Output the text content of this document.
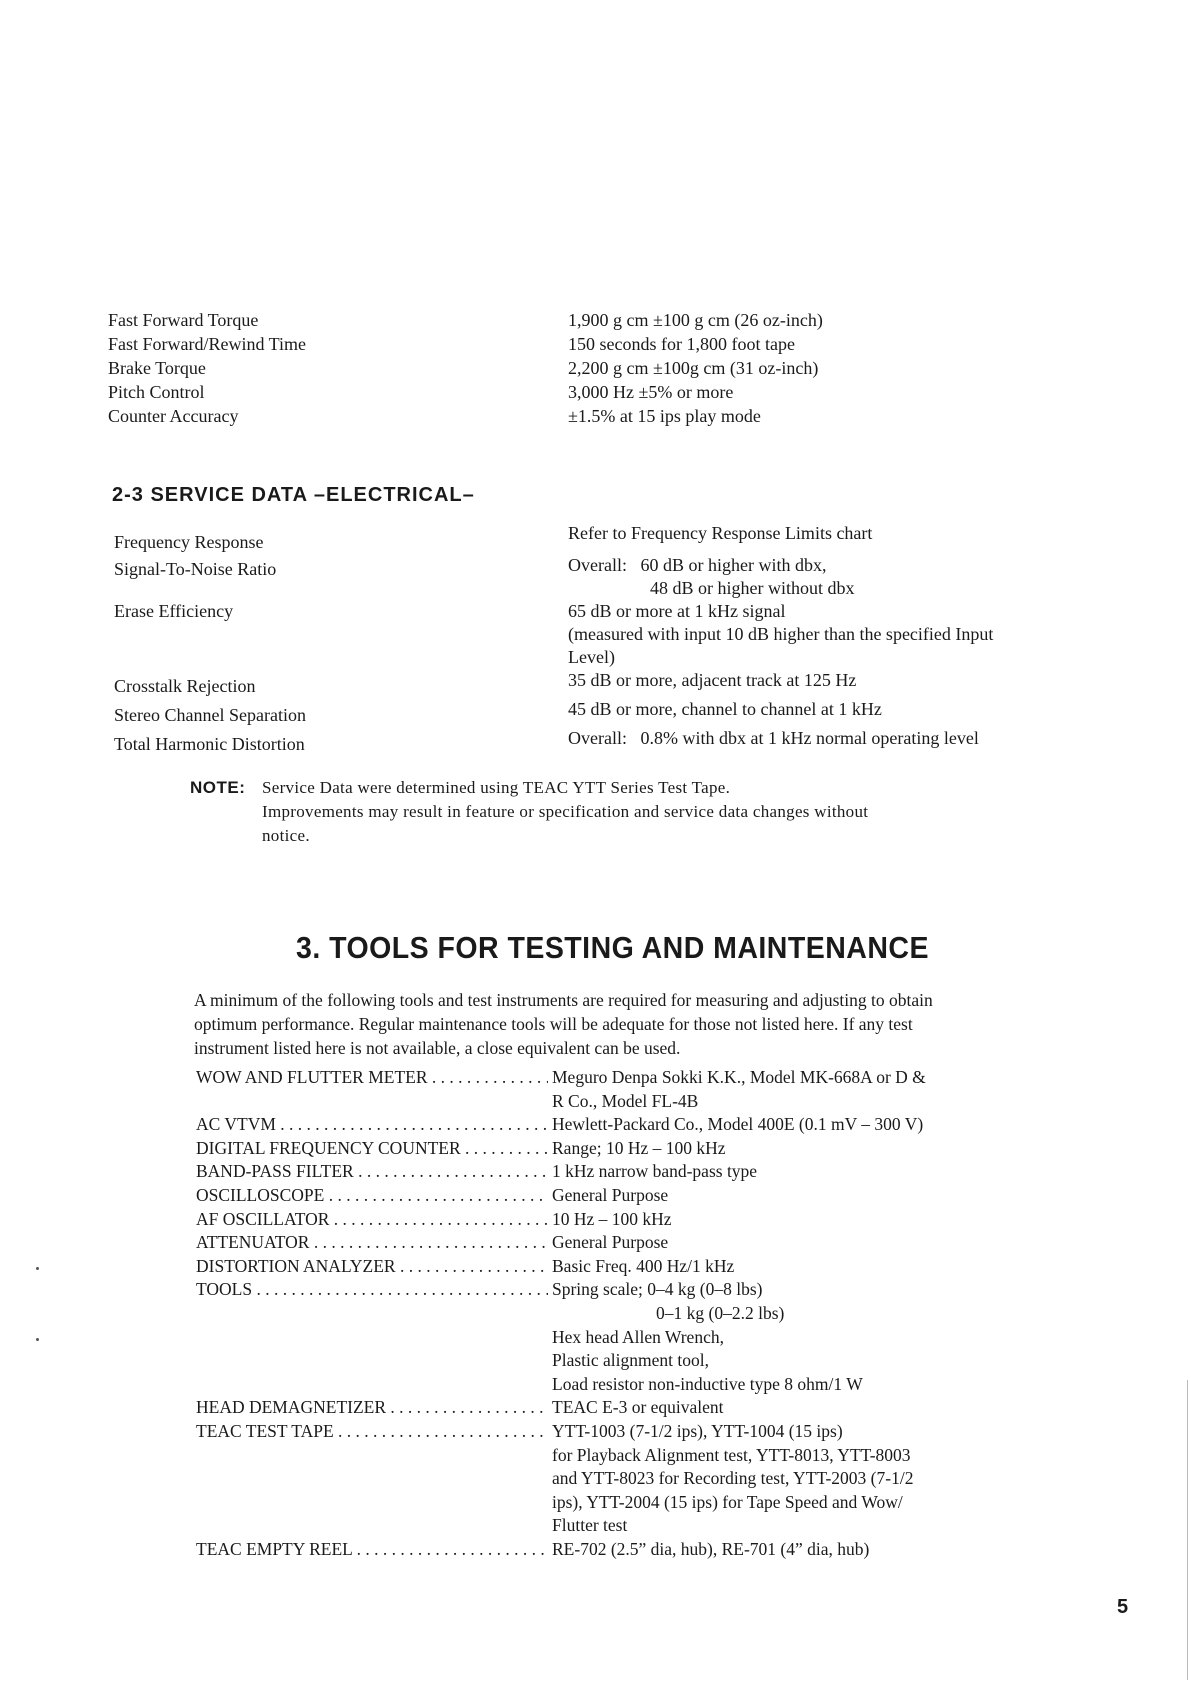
Fast Forward Torque	1,900 g cm ±100 g cm (26 oz-inch)
Fast Forward/Rewind Time	150 seconds for 1,800 foot tape
Brake Torque	2,200 g cm ±100g cm (31 oz-inch)
Pitch Control	3,000 Hz ±5% or more
Counter Accuracy	±1.5% at 15 ips play mode
2-3 SERVICE DATA –ELECTRICAL–
Frequency Response	Refer to Frequency Response Limits chart
Signal-To-Noise Ratio	Overall:   60 dB or higher with dbx,
48 dB or higher without dbx
Erase Efficiency	65 dB or more at 1 kHz signal
(measured with input 10 dB higher than the specified Input
Level)
Crosstalk Rejection	35 dB or more, adjacent track at 125 Hz
Stereo Channel Separation	45 dB or more, channel to channel at 1 kHz
Total Harmonic Distortion	Overall:   0.8% with dbx at 1 kHz normal operating level
NOTE: Service Data were determined using TEAC YTT Series Test Tape.
Improvements may result in feature or specification and service data changes without
notice.
3. TOOLS FOR TESTING AND MAINTENANCE
A minimum of the following tools and test instruments are required for measuring and adjusting to obtain optimum performance. Regular maintenance tools will be adequate for those not listed here. If any test instrument listed here is not available, a close equivalent can be used.
WOW AND FLUTTER METER . . .	Meguro Denpa Sokki K.K., Model MK-668A or D &
R Co., Model FL-4B
AC VTVM . . .	Hewlett-Packard Co., Model 400E (0.1 mV – 300 V)
DIGITAL FREQUENCY COUNTER . . .	Range; 10 Hz – 100 kHz
BAND-PASS FILTER . . .	1 kHz narrow band-pass type
OSCILLOSCOPE . . .	General Purpose
AF OSCILLATOR . . .	10 Hz – 100 kHz
ATTENUATOR . . .	General Purpose
DISTORTION ANALYZER . . .	Basic Freq. 400 Hz/1 kHz
TOOLS . . .	Spring scale; 0–4 kg (0–8 lbs)
0–1 kg (0–2.2 lbs)
Hex head Allen Wrench,
Plastic alignment tool,
Load resistor non-inductive type 8 ohm/1 W
HEAD DEMAGNETIZER . . .	TEAC E-3 or equivalent
TEAC TEST TAPE . . .	YTT-1003 (7-1/2 ips), YTT-1004 (15 ips)
for Playback Alignment test, YTT-8013, YTT-8003
and YTT-8023 for Recording test, YTT-2003 (7-1/2
ips), YTT-2004 (15 ips) for Tape Speed and Wow/
Flutter test
TEAC EMPTY REEL . . .	RE-702 (2.5” dia, hub), RE-701 (4” dia, hub)
5
